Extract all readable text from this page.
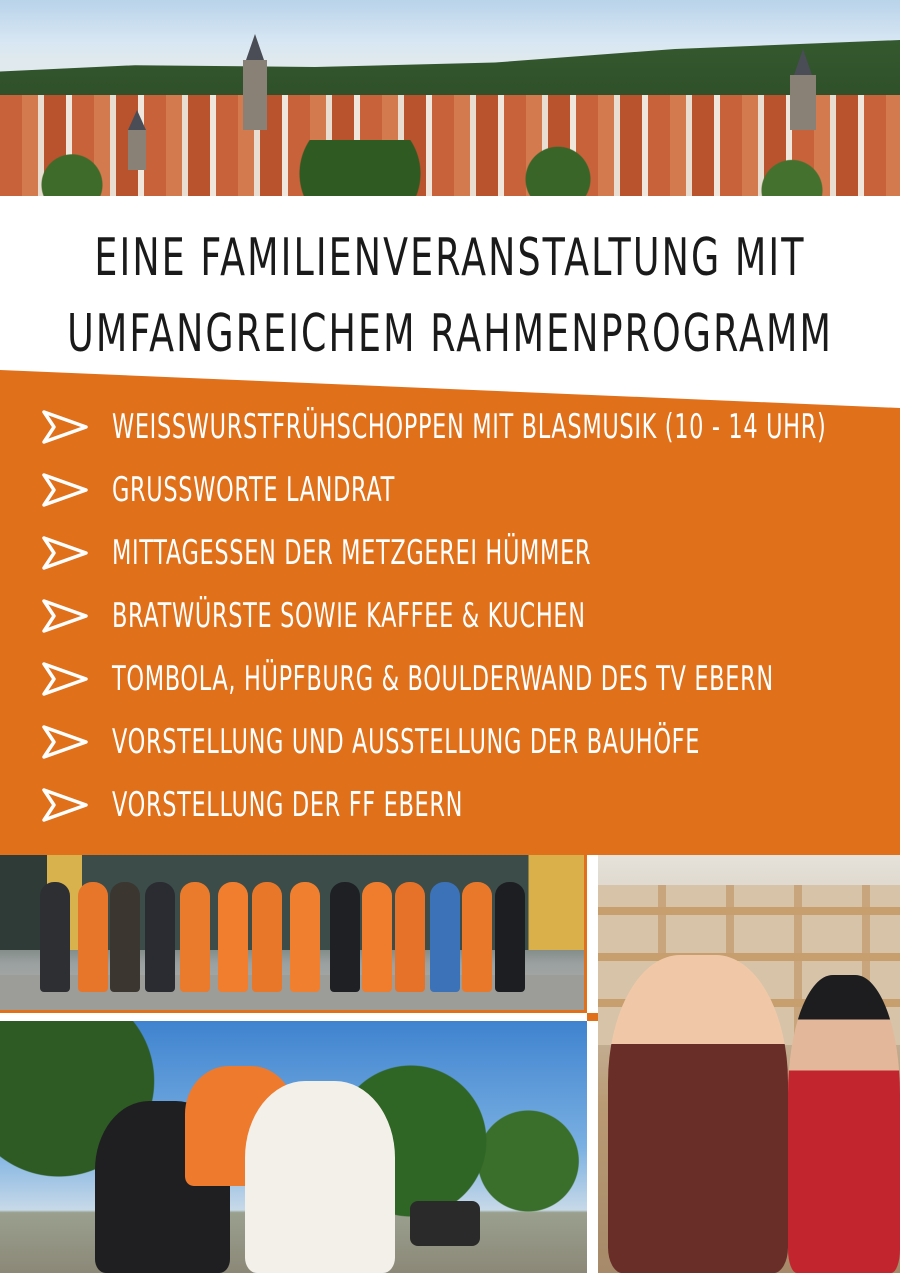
EINE FAMILIENVERANSTALTUNG MIT
UMFANGREICHEM RAHMENPROGRAMM
WEISSWURSTFRÜHSCHOPPEN MIT BLASMUSIK (10 - 14 UHR)
GRUSSWORTE LANDRAT
MITTAGESSEN DER METZGEREI HÜMMER
BRATWÜRSTE SOWIE KAFFEE & KUCHEN
TOMBOLA, HÜPFBURG & BOULDERWAND DES TV EBERN
VORSTELLUNG UND AUSSTELLUNG DER BAUHÖFE
VORSTELLUNG DER FF EBERN
